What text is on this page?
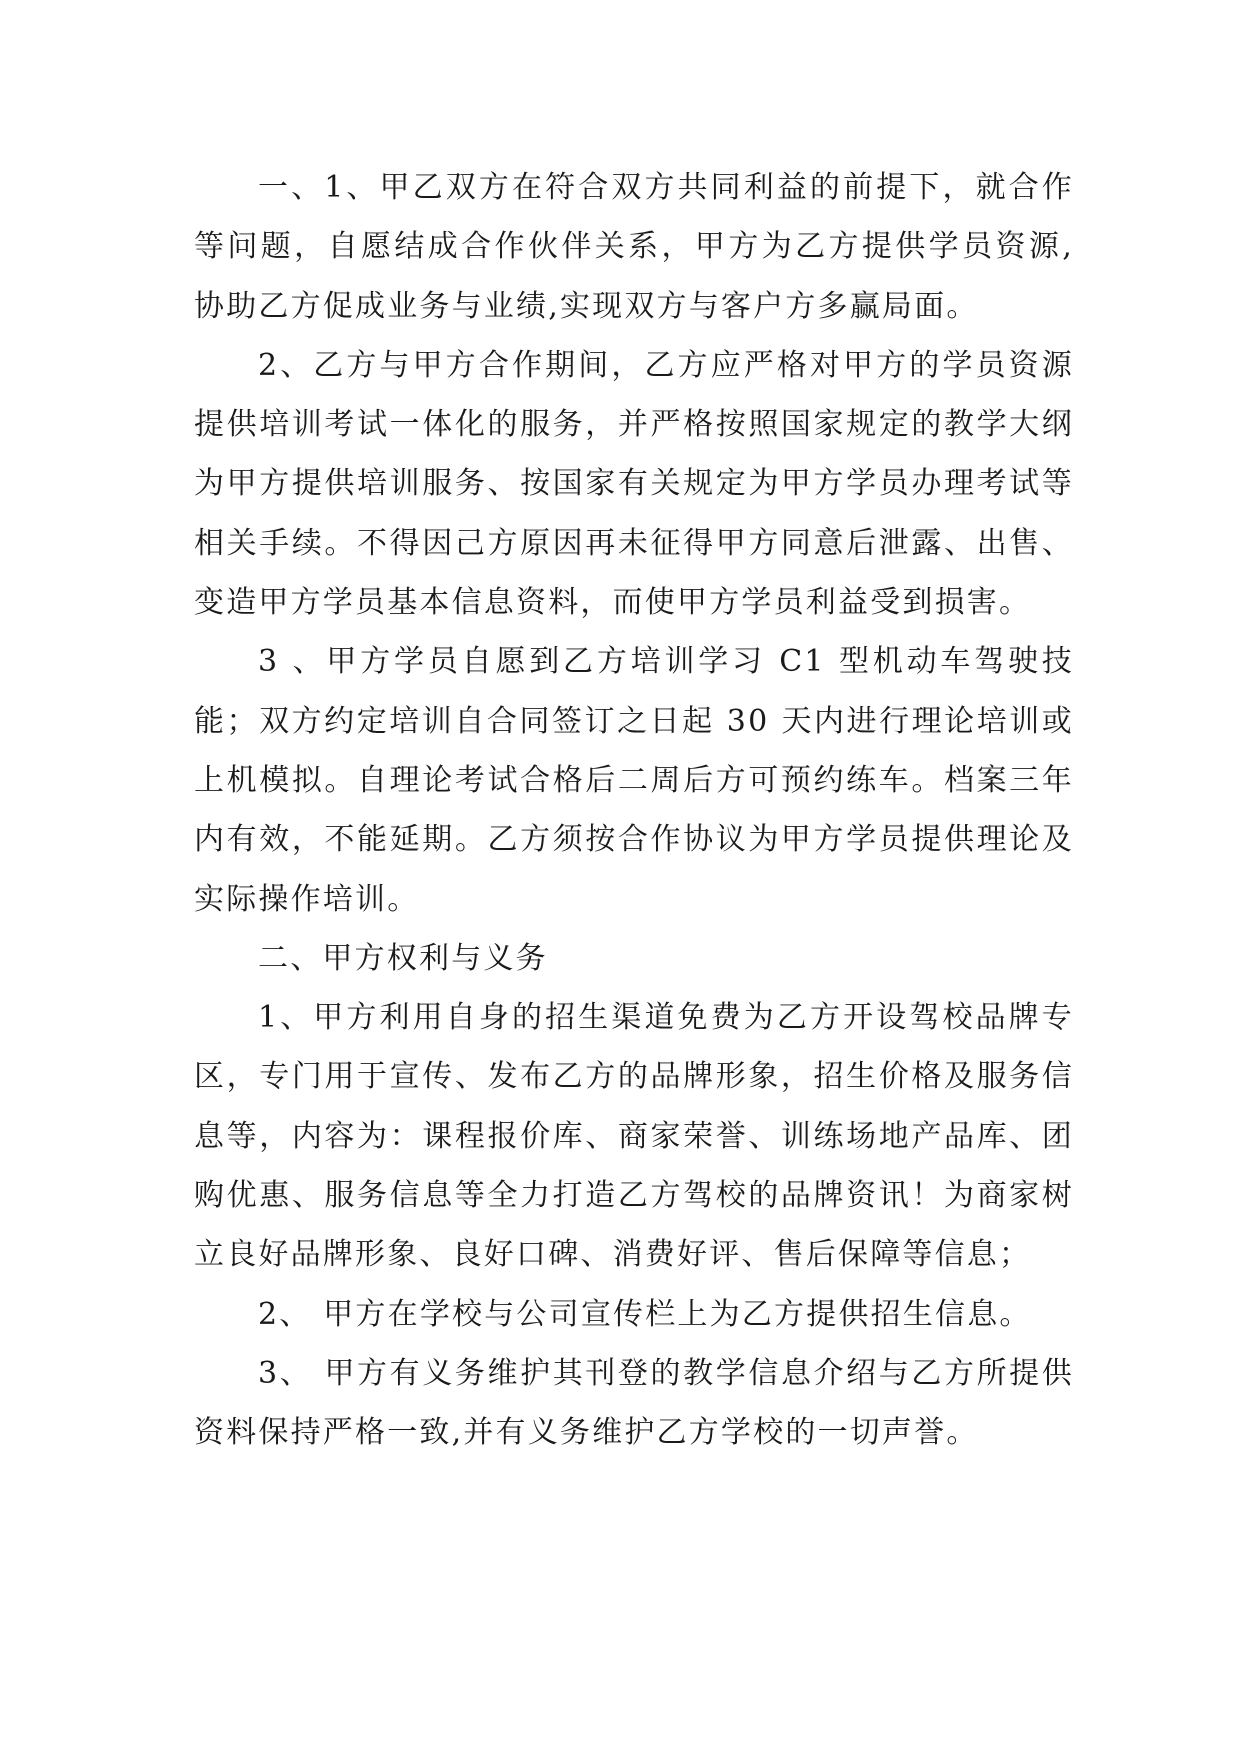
一、1、甲乙双方在符合双方共同利益的前提下，就合作等问题，自愿结成合作伙伴关系，甲方为乙方提供学员资源,协助乙方促成业务与业绩,实现双方与客户方多赢局面。

2、乙方与甲方合作期间，乙方应严格对甲方的学员资源提供培训考试一体化的服务，并严格按照国家规定的教学大纲为甲方提供培训服务、按国家有关规定为甲方学员办理考试等相关手续。不得因己方原因再未征得甲方同意后泄露、出售、变造甲方学员基本信息资料，而使甲方学员利益受到损害。

3 、甲方学员自愿到乙方培训学习 C1 型机动车驾驶技能；双方约定培训自合同签订之日起 30 天内进行理论培训或上机模拟。自理论考试合格后二周后方可预约练车。档案三年内有效，不能延期。乙方须按合作协议为甲方学员提供理论及实际操作培训。

二、甲方权利与义务

1、甲方利用自身的招生渠道免费为乙方开设驾校品牌专区，专门用于宣传、发布乙方的品牌形象，招生价格及服务信息等，内容为：课程报价库、商家荣誉、训练场地产品库、团购优惠、服务信息等全力打造乙方驾校的品牌资讯！为商家树立良好品牌形象、良好口碑、消费好评、售后保障等信息；

2、 甲方在学校与公司宣传栏上为乙方提供招生信息。

3、 甲方有义务维护其刊登的教学信息介绍与乙方所提供资料保持严格一致,并有义务维护乙方学校的一切声誉。
